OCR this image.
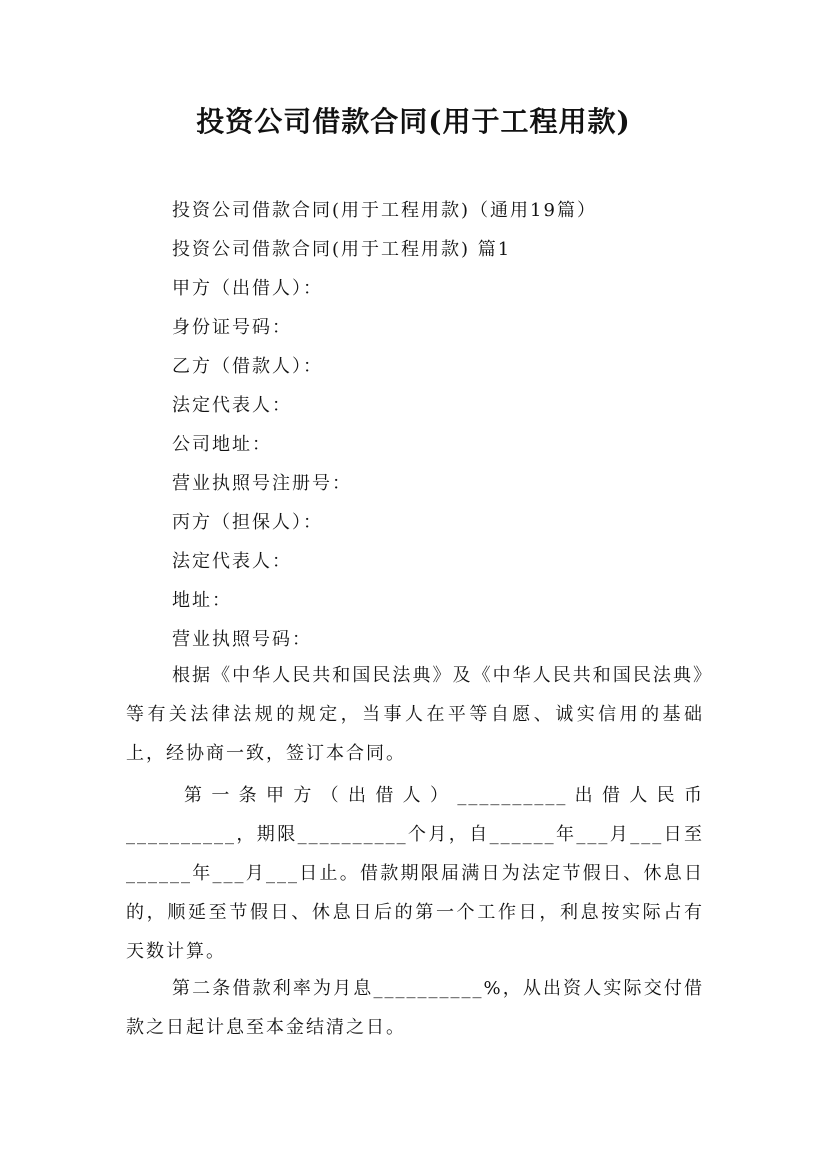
投资公司借款合同(用于工程用款)
投资公司借款合同(用于工程用款)（通用19篇）
投资公司借款合同(用于工程用款) 篇1
甲方（出借人）：
身份证号码：
乙方（借款人）：
法定代表人：
公司地址：
营业执照号注册号：
丙方（担保人）：
法定代表人：
地址：
营业执照号码：
根据《中华人民共和国民法典》及《中华人民共和国民法典》等有关法律法规的规定，当事人在平等自愿、诚实信用的基础上，经协商一致，签订本合同。
第一条甲方（出借人）__________出借人民币__________，期限__________个月，自______年___月___日至______年___月___日止。借款期限届满日为法定节假日、休息日的，顺延至节假日、休息日后的第一个工作日，利息按实际占有天数计算。
第二条借款利率为月息__________%，从出资人实际交付借款之日起计息至本金结清之日。
